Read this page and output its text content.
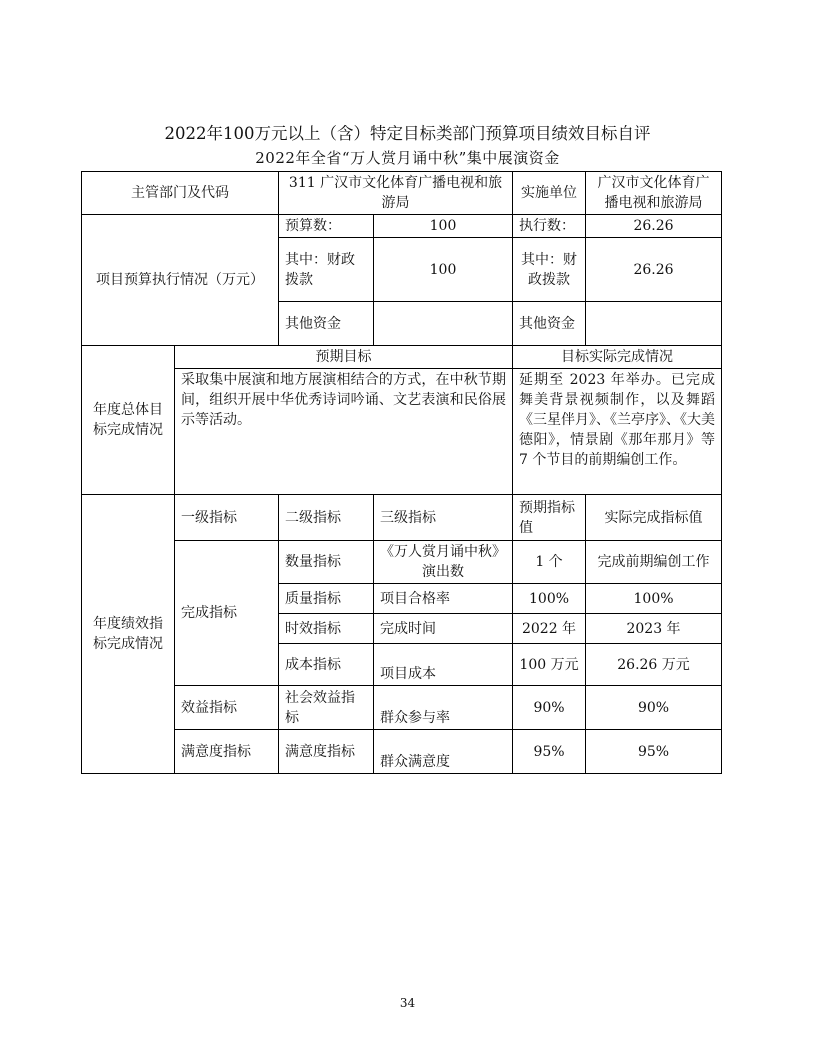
2022年100万元以上（含）特定目标类部门预算项目绩效目标自评
2022年全省“万人赏月诵中秋”集中展演资金
主管部门及代码		311 广汉市文化体育广播电视和旅游局		实施单位	广汉市文化体育广播电视和旅游局
项目预算执行情况（万元）		预算数：	100	执行数：	26.26
		其中：财政拨款	100	其中：财政拨款	26.26
		其他资金		其他资金	
年度总体目标完成情况	预期目标			目标实际完成情况	
	采取集中展演和地方展演相结合的方式，在中秋节期间，组织开展中华优秀诗词吟诵、文艺表演和民俗展示等活动。			延期至 2023 年举办。已完成舞美背景视频制作，以及舞蹈《三星伴月》、《兰亭序》、《大美德阳》，情景剧《那年那月》等 7 个节目的前期编创工作。	
年度绩效指标完成情况	一级指标	二级指标	三级指标	预期指标值	实际完成指标值
	完成指标	数量指标	《万人赏月诵中秋》演出数	1 个	完成前期编创工作
		质量指标	项目合格率	100%	100%
		时效指标	完成时间	2022 年	2023 年
		成本指标	项目成本	100 万元	26.26 万元
	效益指标	社会效益指标	群众参与率	90%	90%
	满意度指标	满意度指标	群众满意度	95%	95%
34
